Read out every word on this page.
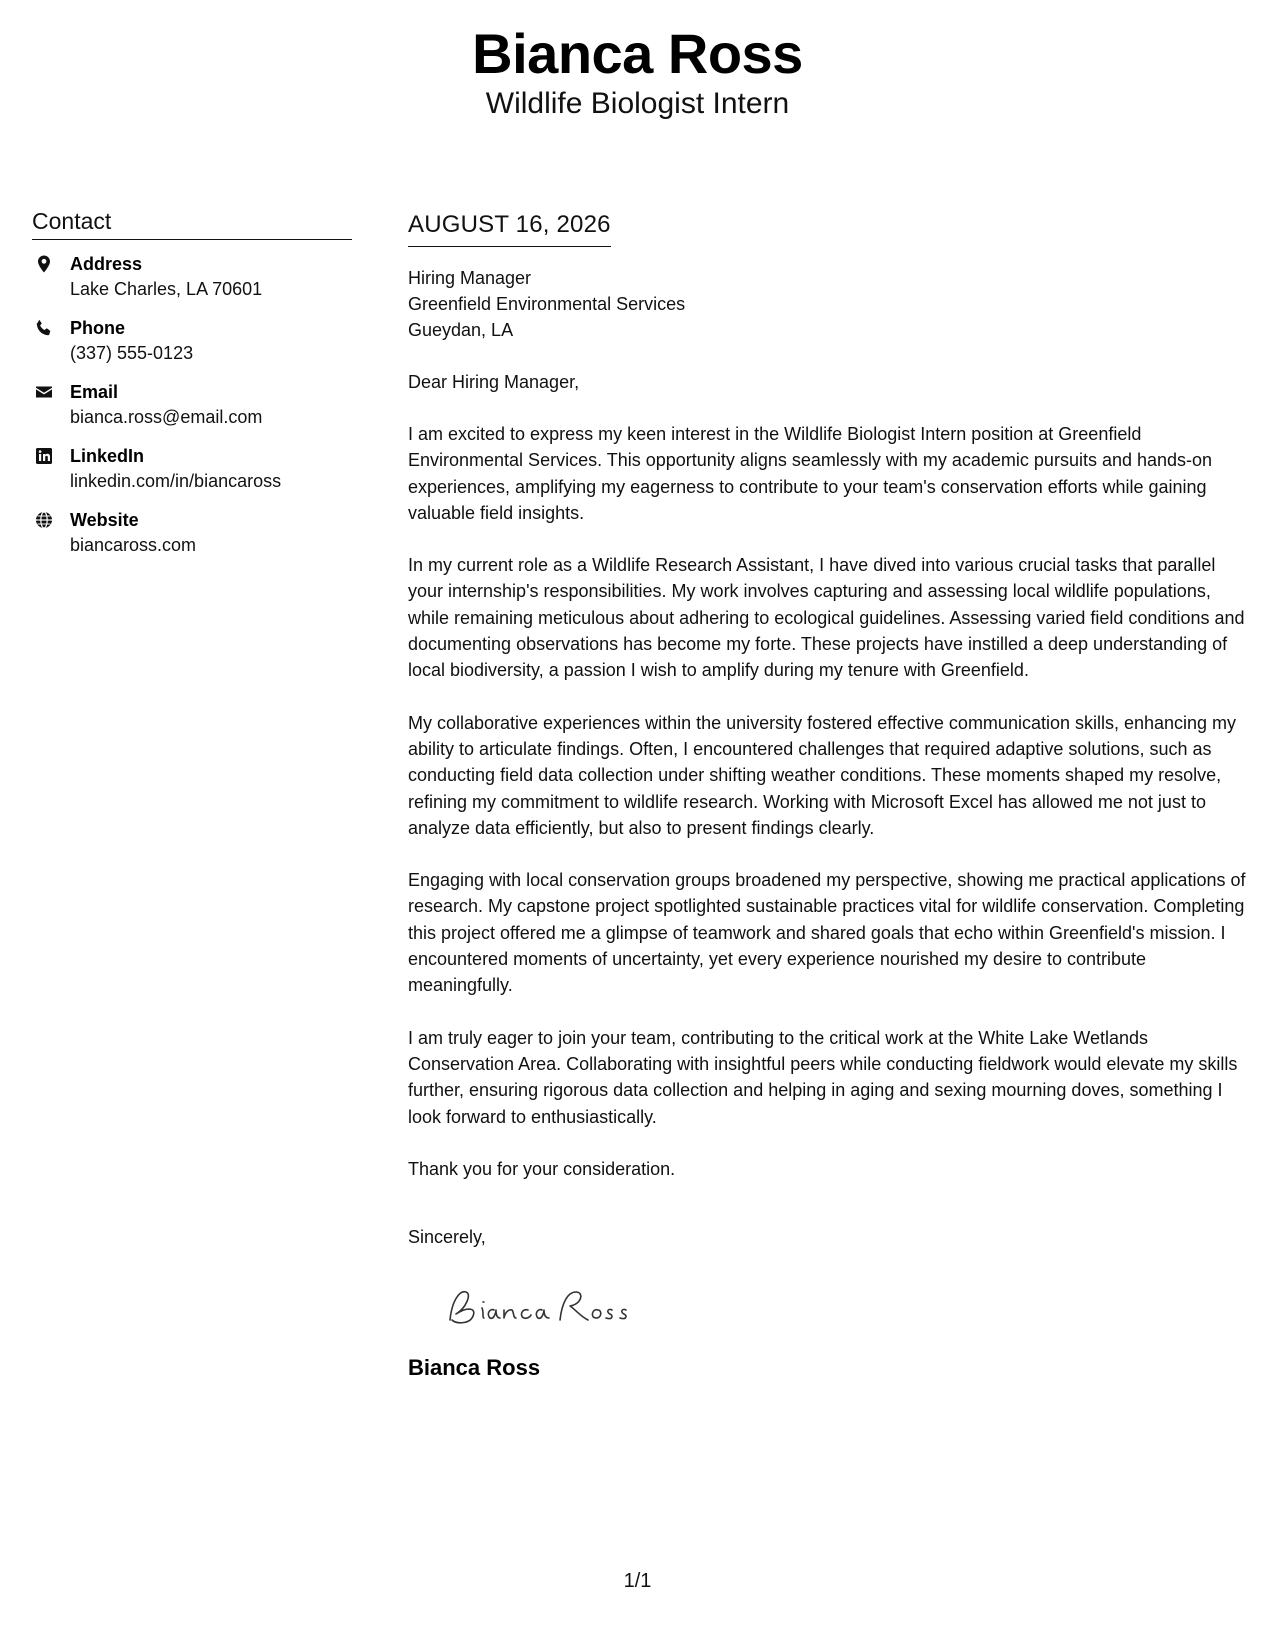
Bianca Ross
Wildlife Biologist Intern
Contact
Address
Lake Charles, LA 70601
Phone
(337) 555-0123
Email
bianca.ross@email.com
LinkedIn
linkedin.com/in/biancaross
Website
biancaross.com
AUGUST 16, 2026
Hiring Manager
Greenfield Environmental Services
Gueydan, LA
Dear Hiring Manager,
I am excited to express my keen interest in the Wildlife Biologist Intern position at Greenfield Environmental Services. This opportunity aligns seamlessly with my academic pursuits and hands-on experiences, amplifying my eagerness to contribute to your team's conservation efforts while gaining valuable field insights.
In my current role as a Wildlife Research Assistant, I have dived into various crucial tasks that parallel your internship's responsibilities. My work involves capturing and assessing local wildlife populations, while remaining meticulous about adhering to ecological guidelines. Assessing varied field conditions and documenting observations has become my forte. These projects have instilled a deep understanding of local biodiversity, a passion I wish to amplify during my tenure with Greenfield.
My collaborative experiences within the university fostered effective communication skills, enhancing my ability to articulate findings. Often, I encountered challenges that required adaptive solutions, such as conducting field data collection under shifting weather conditions. These moments shaped my resolve, refining my commitment to wildlife research. Working with Microsoft Excel has allowed me not just to analyze data efficiently, but also to present findings clearly.
Engaging with local conservation groups broadened my perspective, showing me practical applications of research. My capstone project spotlighted sustainable practices vital for wildlife conservation. Completing this project offered me a glimpse of teamwork and shared goals that echo within Greenfield's mission. I encountered moments of uncertainty, yet every experience nourished my desire to contribute meaningfully.
I am truly eager to join your team, contributing to the critical work at the White Lake Wetlands Conservation Area. Collaborating with insightful peers while conducting fieldwork would elevate my skills further, ensuring rigorous data collection and helping in aging and sexing mourning doves, something I look forward to enthusiastically.
Thank you for your consideration.
Sincerely,
Bianca Ross
1/1
